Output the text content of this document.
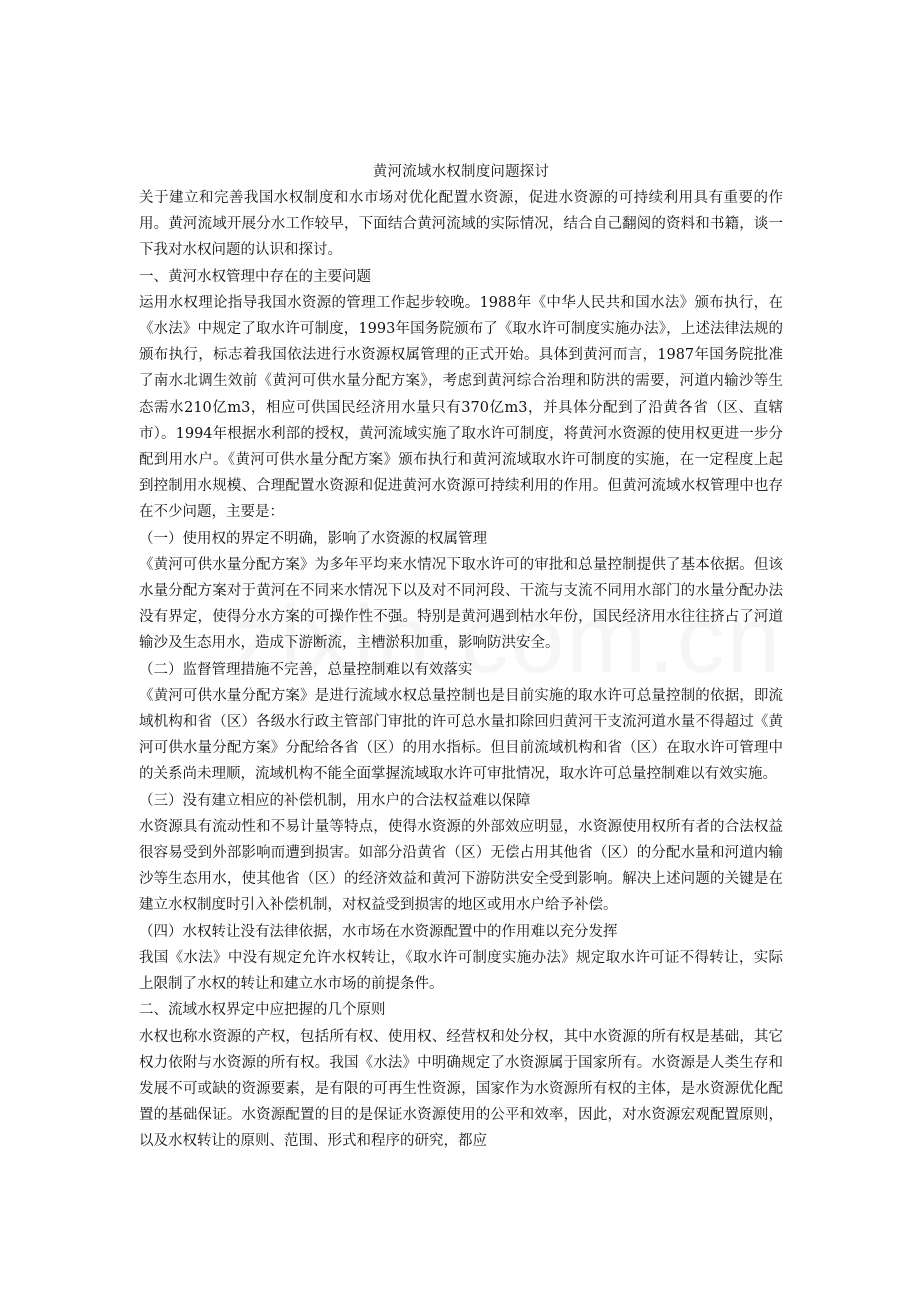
黄河流域水权制度问题探讨

关于建立和完善我国水权制度和水市场对优化配置水资源，促进水资源的可持续利用具有重要的作用。黄河流域开展分水工作较早，下面结合黄河流域的实际情况，结合自己翻阅的资料和书籍，谈一下我对水权问题的认识和探讨。

一、黄河水权管理中存在的主要问题

运用水权理论指导我国水资源的管理工作起步较晚。1988年《中华人民共和国水法》颁布执行，在《水法》中规定了取水许可制度，1993年国务院颁布了《取水许可制度实施办法》，上述法律法规的颁布执行，标志着我国依法进行水资源权属管理的正式开始。具体到黄河而言，1987年国务院批准了南水北调生效前《黄河可供水量分配方案》，考虑到黄河综合治理和防洪的需要，河道内输沙等生态需水210亿m3，相应可供国民经济用水量只有370亿m3，并具体分配到了沿黄各省（区、直辖市）。1994年根据水利部的授权，黄河流域实施了取水许可制度，将黄河水资源的使用权更进一步分配到用水户。《黄河可供水量分配方案》颁布执行和黄河流域取水许可制度的实施，在一定程度上起到控制用水规模、合理配置水资源和促进黄河水资源可持续利用的作用。但黄河流域水权管理中也存在不少问题，主要是：

（一）使用权的界定不明确，影响了水资源的权属管理

《黄河可供水量分配方案》为多年平均来水情况下取水许可的审批和总量控制提供了基本依据。但该水量分配方案对于黄河在不同来水情况下以及对不同河段、干流与支流不同用水部门的水量分配办法没有界定，使得分水方案的可操作性不强。特别是黄河遇到枯水年份，国民经济用水往往挤占了河道输沙及生态用水，造成下游断流，主槽淤积加重，影响防洪安全。

（二）监督管理措施不完善，总量控制难以有效落实

《黄河可供水量分配方案》是进行流域水权总量控制也是目前实施的取水许可总量控制的依据，即流域机构和省（区）各级水行政主管部门审批的许可总水量扣除回归黄河干支流河道水量不得超过《黄河可供水量分配方案》分配给各省（区）的用水指标。但目前流域机构和省（区）在取水许可管理中的关系尚未理顺，流域机构不能全面掌握流域取水许可审批情况，取水许可总量控制难以有效实施。

（三）没有建立相应的补偿机制，用水户的合法权益难以保障

水资源具有流动性和不易计量等特点，使得水资源的外部效应明显，水资源使用权所有者的合法权益很容易受到外部影响而遭到损害。如部分沿黄省（区）无偿占用其他省（区）的分配水量和河道内输沙等生态用水，使其他省（区）的经济效益和黄河下游防洪安全受到影响。解决上述问题的关键是在建立水权制度时引入补偿机制，对权益受到损害的地区或用水户给予补偿。

（四）水权转让没有法律依据，水市场在水资源配置中的作用难以充分发挥

我国《水法》中没有规定允许水权转让，《取水许可制度实施办法》规定取水许可证不得转让，实际上限制了水权的转让和建立水市场的前提条件。

二、流域水权界定中应把握的几个原则

水权也称水资源的产权，包括所有权、使用权、经营权和处分权，其中水资源的所有权是基础，其它权力依附与水资源的所有权。我国《水法》中明确规定了水资源属于国家所有。水资源是人类生存和发展不可或缺的资源要素，是有限的可再生性资源，国家作为水资源所有权的主体，是水资源优化配置的基础保证。水资源配置的目的是保证水资源使用的公平和效率，因此，对水资源宏观配置原则，以及水权转让的原则、范围、形式和程序的研究，都应
